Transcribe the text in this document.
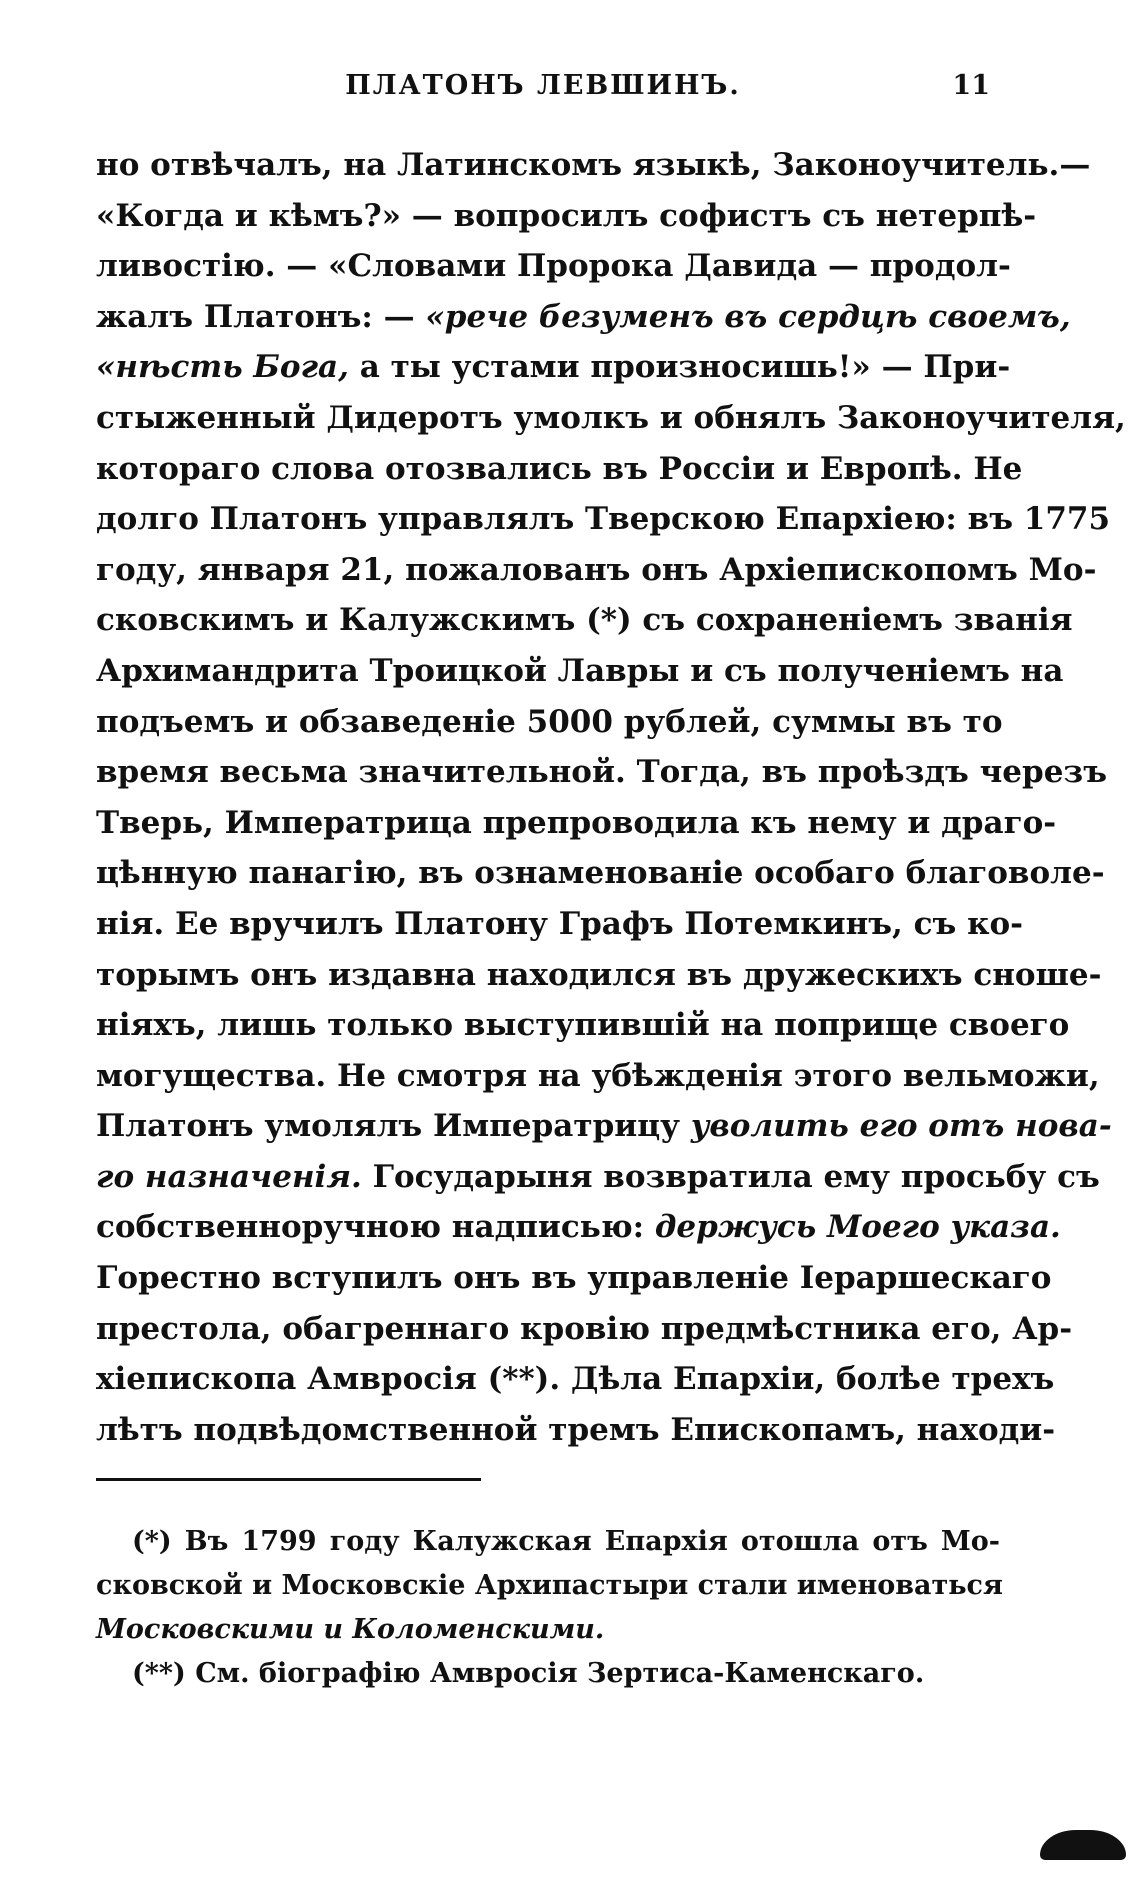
ПЛАТОНЪ ЛЕВШИНЪ.	11
но отвѣчалъ, на Латинскомъ языкѣ, Законоучитель.—
«Когда и кѣмъ?» — вопросилъ софистъ съ нетерпѣ-
ливостію. — «Словами Пророка Давида — продол-
жалъ Платонъ: — «рече безуменъ въ сердцѣ своемъ,
«нѣсть Бога, а ты устами произносишь!» — При-
стыженный Дидеротъ умолкъ и обнялъ Законоучителя,
котораго слова отозвались въ Россіи и Европѣ. Не
долго Платонъ управлялъ Тверскою Епархіею: въ 1775
году, января 21, пожалованъ онъ Архіепископомъ Мо-
сковскимъ и Калужскимъ (*) съ сохраненіемъ званія
Архимандрита Троицкой Лавры и съ полученіемъ на
подъемъ и обзаведеніе 5000 рублей, суммы въ то
время весьма значительной. Тогда, въ проѣздъ черезъ
Тверь, Императрица препроводила къ нему и драго-
цѣнную панагію, въ ознаменованіе особаго благоволе-
нія. Ее вручилъ Платону Графъ Потемкинъ, съ ко-
торымъ онъ издавна находился въ дружескихъ сноше-
ніяхъ, лишь только выступившій на поприще своего
могущества. Не смотря на убѣжденія этого вельможи,
Платонъ умолялъ Императрицу уволить его отъ нова-
го назначенія. Государыня возвратила ему просьбу съ
собственноручною надписью: держусь Моего указа.
Горестно вступилъ онъ въ управленіе Іераршескаго
престола, обагреннаго кровію предмѣстника его, Ар-
хіепископа Амвросія (**). Дѣла Епархіи, болѣе трехъ
лѣтъ подвѣдомственной тремъ Епископамъ, находи-
(*) Въ 1799 году Калужская Епархія отошла отъ Мо-
сковской и Московскіе Архипастыри стали именоваться
Московскими и Коломенскими.
(**) См. біографію Амвросія Зертиса-Каменскаго.
